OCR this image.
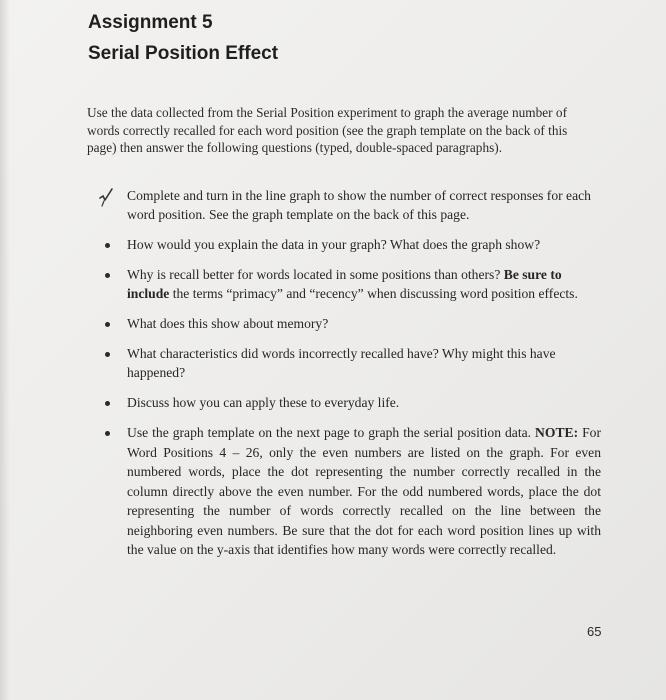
Assignment 5
Serial Position Effect

Use the data collected from the Serial Position experiment to graph the average number of words correctly recalled for each word position (see the graph template on the back of this page) then answer the following questions (typed, double-spaced paragraphs).

Complete and turn in the line graph to show the number of correct responses for each word position. See the graph template on the back of this page.
How would you explain the data in your graph? What does the graph show?
Why is recall better for words located in some positions than others? Be sure to include the terms “primacy” and “recency” when discussing word position effects.
What does this show about memory?
What characteristics did words incorrectly recalled have? Why might this have happened?
Discuss how you can apply these to everyday life.
Use the graph template on the next page to graph the serial position data. NOTE: For Word Positions 4 – 26, only the even numbers are listed on the graph. For even numbered words, place the dot representing the number correctly recalled in the column directly above the even number. For the odd numbered words, place the dot representing the number of words correctly recalled on the line between the neighboring even numbers. Be sure that the dot for each word position lines up with the value on the y-axis that identifies how many words were correctly recalled.

65
